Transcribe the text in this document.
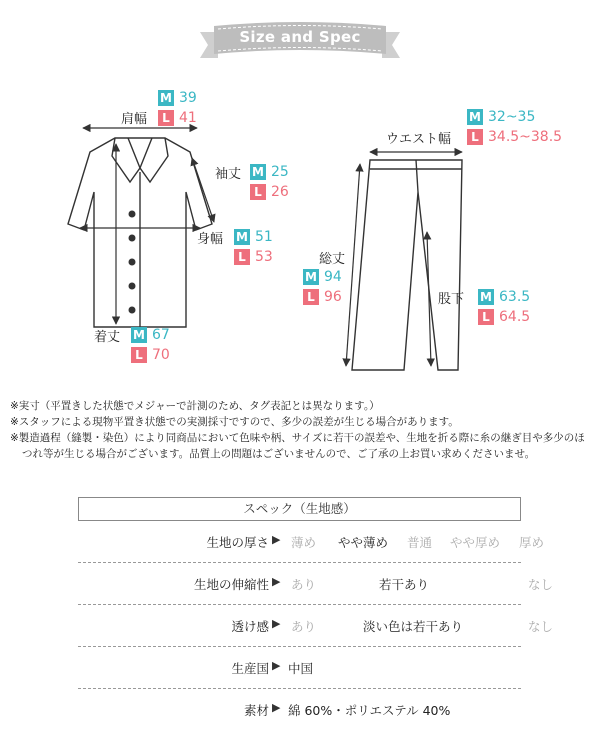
Size and Spec
肩幅
M 39
L 41
袖丈 M 25
L 26
身幅 M 51
L 53
着丈 M 67
L 70
ウエスト幅
M 32~35
L 34.5~38.5
総丈
M 94
L 96	股下 M 63.5
L 64.5

※実寸（平置きした状態でメジャーで計測のため、タグ表記とは異なります。）

※スタッフによる現物平置き状態での実測採寸ですので、多少の誤差が生じる場合があります。

※製造過程（縫製・染色）により同商品において色味や柄、サイズに若干の誤差や、生地を折る際に糸の継ぎ目や多少のほつれ等が生じる場合がございます。品質上の問題はございませんので、ご了承の上お買い求めくださいませ。

スペック（生地感）
生地の厚さ ▶ 薄め やや薄め 普通 やや厚め 厚め
生地の伸縮性 ▶ あり	若干あり	なし
透け感 ▶ あり	淡い色は若干あり	なし
生産国 ▶ 中国
素材 ▶ 綿 60%・ポリエステル 40%
